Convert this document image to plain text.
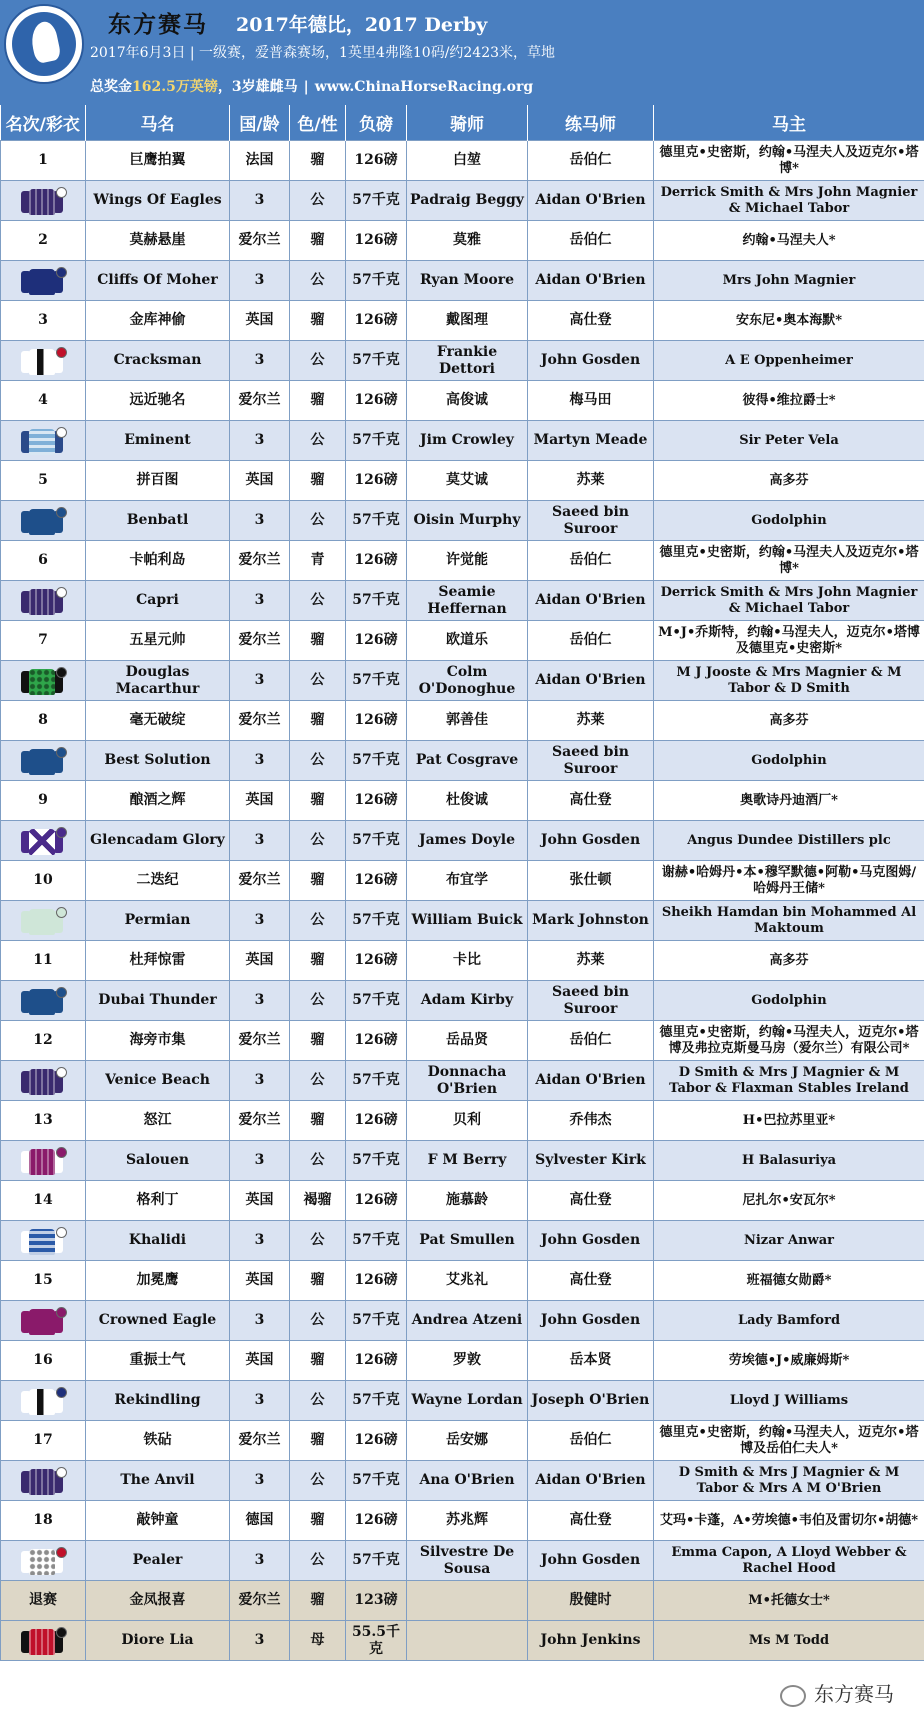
东方赛马 2017年德比，2017 Derby
2017年6月3日 | 一级赛，爱普森赛场，1英里4弗隆10码/约2423米，草地
总奖金162.5万英镑，3岁雄雌马 | www.ChinaHorseRacing.org
名次/彩衣	马名	国/龄	色/性	负磅	骑师	练马师	马主
1	巨鹰拍翼	法国	骝	126磅	白堃	岳伯仁	德里克•史密斯，约翰•马涅夫人及迈克尔•塔博*

	Wings Of Eagles	3	公	57千克	Padraig Beggy	Aidan O'Brien	Derrick Smith & Mrs John Magnier & Michael Tabor
2	莫赫悬崖	爱尔兰	骝	126磅	莫雅	岳伯仁	约翰•马涅夫人*

	Cliffs Of Moher	3	公	57千克	Ryan Moore	Aidan O'Brien	Mrs John Magnier
3	金库神偷	英国	骝	126磅	戴图理	高仕登	安东尼•奥本海默*

	Cracksman	3	公	57千克	Frankie Dettori	John Gosden	A E Oppenheimer
4	远近驰名	爱尔兰	骝	126磅	高俊诚	梅马田	彼得•维拉爵士*

	Eminent	3	公	57千克	Jim Crowley	Martyn Meade	Sir Peter Vela
5	拼百图	英国	骝	126磅	莫艾诚	苏莱	高多芬

	Benbatl	3	公	57千克	Oisin Murphy	Saeed bin Suroor	Godolphin
6	卡帕利岛	爱尔兰	青	126磅	许觉能	岳伯仁	德里克•史密斯，约翰•马涅夫人及迈克尔•塔博*

	Capri	3	公	57千克	Seamie Heffernan	Aidan O'Brien	Derrick Smith & Mrs John Magnier & Michael Tabor
7	五星元帅	爱尔兰	骝	126磅	欧道乐	岳伯仁	M•J•乔斯特，约翰•马涅夫人，迈克尔•塔博及德里克•史密斯*

	Douglas Macarthur	3	公	57千克	Colm O'Donoghue	Aidan O'Brien	M J Jooste & Mrs Magnier & M Tabor & D Smith
8	毫无破绽	爱尔兰	骝	126磅	郭善佳	苏莱	高多芬

	Best Solution	3	公	57千克	Pat Cosgrave	Saeed bin Suroor	Godolphin
9	酿酒之辉	英国	骝	126磅	杜俊诚	高仕登	奥歌诗丹迪酒厂*

	Glencadam Glory	3	公	57千克	James Doyle	John Gosden	Angus Dundee Distillers plc
10	二迭纪	爱尔兰	骝	126磅	布宜学	张仕顿	谢赫•哈姆丹•本•穆罕默德•阿勒•马克图姆/哈姆丹王储*

	Permian	3	公	57千克	William Buick	Mark Johnston	Sheikh Hamdan bin Mohammed Al Maktoum
11	杜拜惊雷	英国	骝	126磅	卡比	苏莱	高多芬

	Dubai Thunder	3	公	57千克	Adam Kirby	Saeed bin Suroor	Godolphin
12	海旁市集	爱尔兰	骝	126磅	岳品贤	岳伯仁	德里克•史密斯，约翰•马涅夫人，迈克尔•塔博及弗拉克斯曼马房（爱尔兰）有限公司*

	Venice Beach	3	公	57千克	Donnacha O'Brien	Aidan O'Brien	D Smith & Mrs J Magnier & M Tabor & Flaxman Stables Ireland
13	怒江	爱尔兰	骝	126磅	贝利	乔伟杰	H•巴拉苏里亚*

	Salouen	3	公	57千克	F M Berry	Sylvester Kirk	H Balasuriya
14	格利丁	英国	褐骝	126磅	施慕龄	高仕登	尼扎尔•安瓦尔*

	Khalidi	3	公	57千克	Pat Smullen	John Gosden	Nizar Anwar
15	加冕鹰	英国	骝	126磅	艾兆礼	高仕登	班福德女勋爵*

	Crowned Eagle	3	公	57千克	Andrea Atzeni	John Gosden	Lady Bamford
16	重振士气	英国	骝	126磅	罗敦	岳本贤	劳埃德•J•威廉姆斯*

	Rekindling	3	公	57千克	Wayne Lordan	Joseph O'Brien	Lloyd J Williams
17	铁砧	爱尔兰	骝	126磅	岳安娜	岳伯仁	德里克•史密斯，约翰•马涅夫人，迈克尔•塔博及岳伯仁夫人*

	The Anvil	3	公	57千克	Ana O'Brien	Aidan O'Brien	D Smith & Mrs J Magnier & M Tabor & Mrs A M O'Brien
18	敲钟童	德国	骝	126磅	苏兆辉	高仕登	艾玛•卡蓬，A•劳埃德•韦伯及雷切尔•胡德*

	Pealer	3	公	57千克	Silvestre De Sousa	John Gosden	Emma Capon, A Lloyd Webber & Rachel Hood
退赛	金凤报喜	爱尔兰	骝	123磅		殷健时	M•托德女士*

	Diore Lia	3	母	55.5千克		John Jenkins	Ms M Todd
东方赛马
